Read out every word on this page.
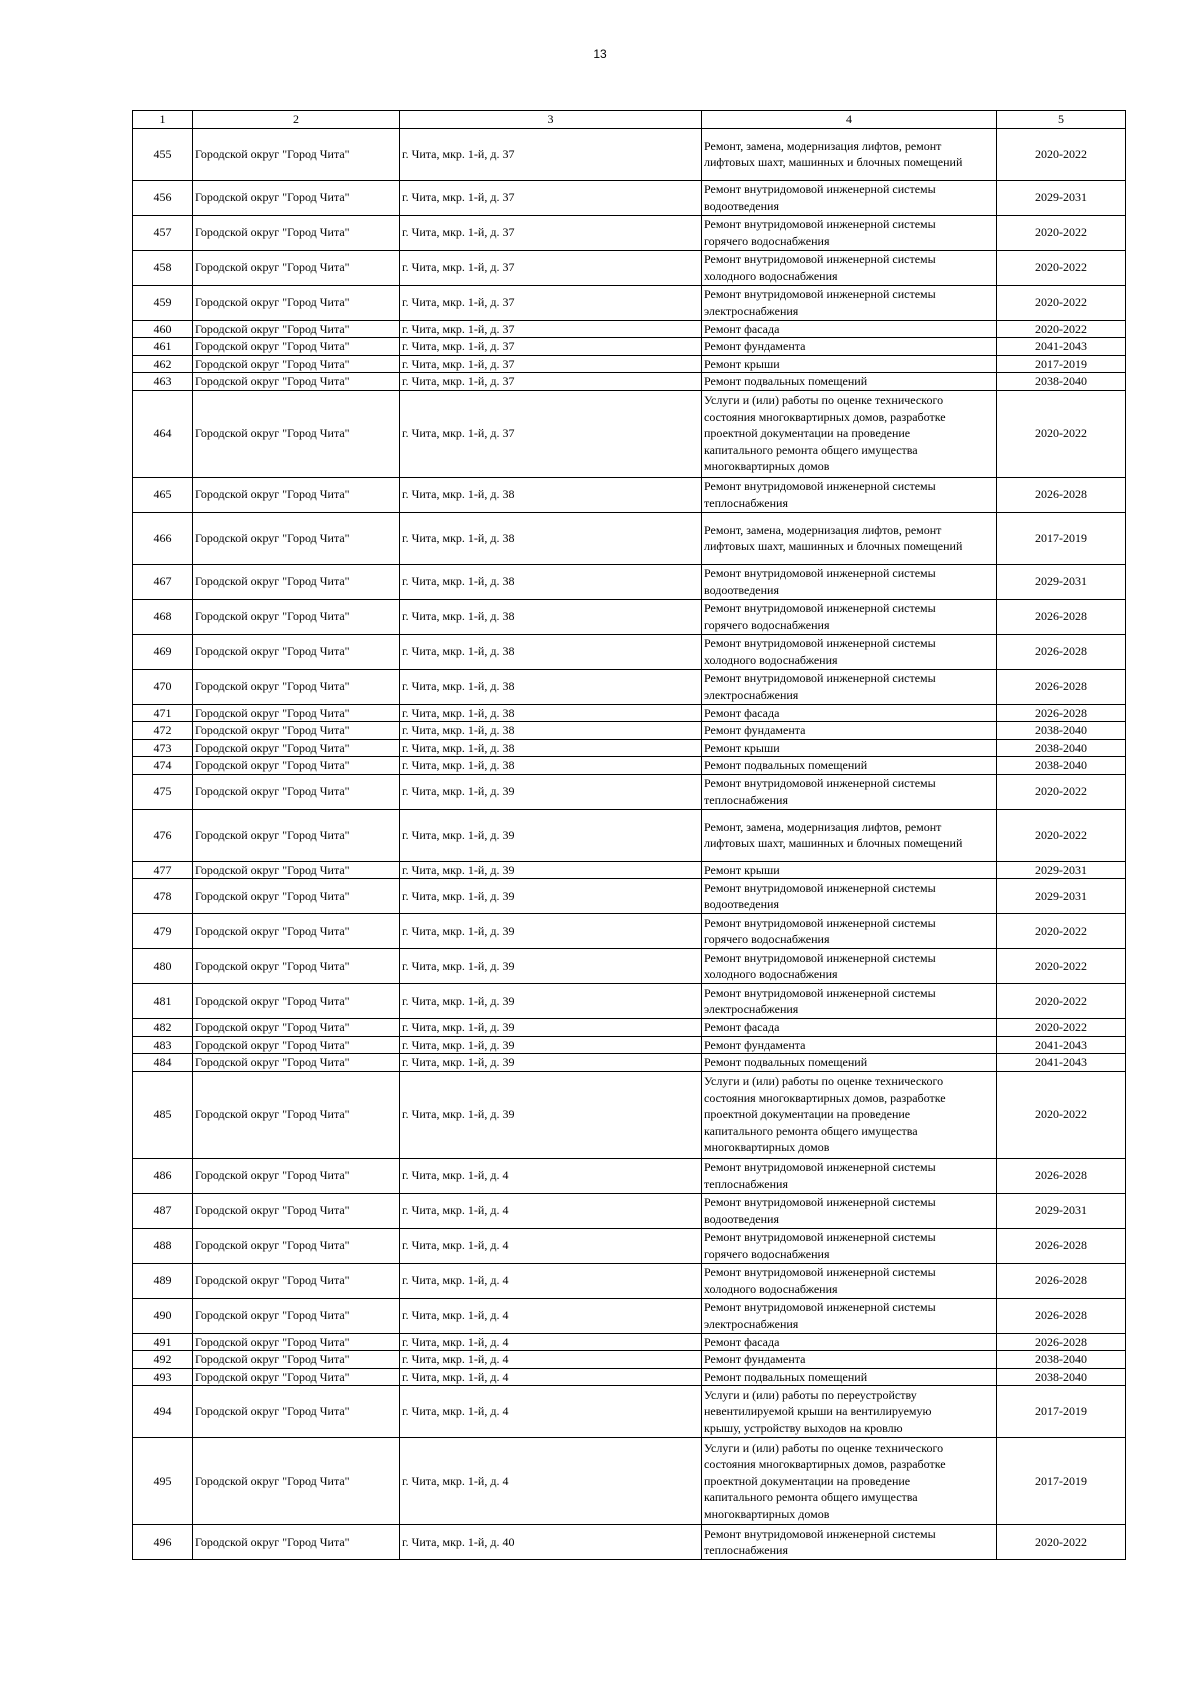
13
1	2	3	4	5
455	Городской округ "Город Чита"	г. Чита, мкр. 1-й, д. 37	Ремонт, замена, модернизация лифтов, ремонт
лифтовых шахт, машинных и блочных помещений	2020-2022
456	Городской округ "Город Чита"	г. Чита, мкр. 1-й, д. 37	Ремонт внутридомовой инженерной системы
водоотведения	2029-2031
457	Городской округ "Город Чита"	г. Чита, мкр. 1-й, д. 37	Ремонт внутридомовой инженерной системы
горячего водоснабжения	2020-2022
458	Городской округ "Город Чита"	г. Чита, мкр. 1-й, д. 37	Ремонт внутридомовой инженерной системы
холодного водоснабжения	2020-2022
459	Городской округ "Город Чита"	г. Чита, мкр. 1-й, д. 37	Ремонт внутридомовой инженерной системы
электроснабжения	2020-2022
460	Городской округ "Город Чита"	г. Чита, мкр. 1-й, д. 37	Ремонт фасада	2020-2022
461	Городской округ "Город Чита"	г. Чита, мкр. 1-й, д. 37	Ремонт фундамента	2041-2043
462	Городской округ "Город Чита"	г. Чита, мкр. 1-й, д. 37	Ремонт крыши	2017-2019
463	Городской округ "Город Чита"	г. Чита, мкр. 1-й, д. 37	Ремонт подвальных помещений	2038-2040
464	Городской округ "Город Чита"	г. Чита, мкр. 1-й, д. 37	Услуги и (или) работы по оценке технического
состояния многоквартирных домов, разработке
проектной документации на проведение
капитального ремонта общего имущества
многоквартирных домов	2020-2022
465	Городской округ "Город Чита"	г. Чита, мкр. 1-й, д. 38	Ремонт внутридомовой инженерной системы
теплоснабжения	2026-2028
466	Городской округ "Город Чита"	г. Чита, мкр. 1-й, д. 38	Ремонт, замена, модернизация лифтов, ремонт
лифтовых шахт, машинных и блочных помещений	2017-2019
467	Городской округ "Город Чита"	г. Чита, мкр. 1-й, д. 38	Ремонт внутридомовой инженерной системы
водоотведения	2029-2031
468	Городской округ "Город Чита"	г. Чита, мкр. 1-й, д. 38	Ремонт внутридомовой инженерной системы
горячего водоснабжения	2026-2028
469	Городской округ "Город Чита"	г. Чита, мкр. 1-й, д. 38	Ремонт внутридомовой инженерной системы
холодного водоснабжения	2026-2028
470	Городской округ "Город Чита"	г. Чита, мкр. 1-й, д. 38	Ремонт внутридомовой инженерной системы
электроснабжения	2026-2028
471	Городской округ "Город Чита"	г. Чита, мкр. 1-й, д. 38	Ремонт фасада	2026-2028
472	Городской округ "Город Чита"	г. Чита, мкр. 1-й, д. 38	Ремонт фундамента	2038-2040
473	Городской округ "Город Чита"	г. Чита, мкр. 1-й, д. 38	Ремонт крыши	2038-2040
474	Городской округ "Город Чита"	г. Чита, мкр. 1-й, д. 38	Ремонт подвальных помещений	2038-2040
475	Городской округ "Город Чита"	г. Чита, мкр. 1-й, д. 39	Ремонт внутридомовой инженерной системы
теплоснабжения	2020-2022
476	Городской округ "Город Чита"	г. Чита, мкр. 1-й, д. 39	Ремонт, замена, модернизация лифтов, ремонт
лифтовых шахт, машинных и блочных помещений	2020-2022
477	Городской округ "Город Чита"	г. Чита, мкр. 1-й, д. 39	Ремонт крыши	2029-2031
478	Городской округ "Город Чита"	г. Чита, мкр. 1-й, д. 39	Ремонт внутридомовой инженерной системы
водоотведения	2029-2031
479	Городской округ "Город Чита"	г. Чита, мкр. 1-й, д. 39	Ремонт внутридомовой инженерной системы
горячего водоснабжения	2020-2022
480	Городской округ "Город Чита"	г. Чита, мкр. 1-й, д. 39	Ремонт внутридомовой инженерной системы
холодного водоснабжения	2020-2022
481	Городской округ "Город Чита"	г. Чита, мкр. 1-й, д. 39	Ремонт внутридомовой инженерной системы
электроснабжения	2020-2022
482	Городской округ "Город Чита"	г. Чита, мкр. 1-й, д. 39	Ремонт фасада	2020-2022
483	Городской округ "Город Чита"	г. Чита, мкр. 1-й, д. 39	Ремонт фундамента	2041-2043
484	Городской округ "Город Чита"	г. Чита, мкр. 1-й, д. 39	Ремонт подвальных помещений	2041-2043
485	Городской округ "Город Чита"	г. Чита, мкр. 1-й, д. 39	Услуги и (или) работы по оценке технического
состояния многоквартирных домов, разработке
проектной документации на проведение
капитального ремонта общего имущества
многоквартирных домов	2020-2022
486	Городской округ "Город Чита"	г. Чита, мкр. 1-й, д. 4	Ремонт внутридомовой инженерной системы
теплоснабжения	2026-2028
487	Городской округ "Город Чита"	г. Чита, мкр. 1-й, д. 4	Ремонт внутридомовой инженерной системы
водоотведения	2029-2031
488	Городской округ "Город Чита"	г. Чита, мкр. 1-й, д. 4	Ремонт внутридомовой инженерной системы
горячего водоснабжения	2026-2028
489	Городской округ "Город Чита"	г. Чита, мкр. 1-й, д. 4	Ремонт внутридомовой инженерной системы
холодного водоснабжения	2026-2028
490	Городской округ "Город Чита"	г. Чита, мкр. 1-й, д. 4	Ремонт внутридомовой инженерной системы
электроснабжения	2026-2028
491	Городской округ "Город Чита"	г. Чита, мкр. 1-й, д. 4	Ремонт фасада	2026-2028
492	Городской округ "Город Чита"	г. Чита, мкр. 1-й, д. 4	Ремонт фундамента	2038-2040
493	Городской округ "Город Чита"	г. Чита, мкр. 1-й, д. 4	Ремонт подвальных помещений	2038-2040
494	Городской округ "Город Чита"	г. Чита, мкр. 1-й, д. 4	Услуги и (или) работы по переустройству
невентилируемой крыши на вентилируемую
крышу, устройству выходов на кровлю	2017-2019
495	Городской округ "Город Чита"	г. Чита, мкр. 1-й, д. 4	Услуги и (или) работы по оценке технического
состояния многоквартирных домов, разработке
проектной документации на проведение
капитального ремонта общего имущества
многоквартирных домов	2017-2019
496	Городской округ "Город Чита"	г. Чита, мкр. 1-й, д. 40	Ремонт внутридомовой инженерной системы
теплоснабжения	2020-2022
